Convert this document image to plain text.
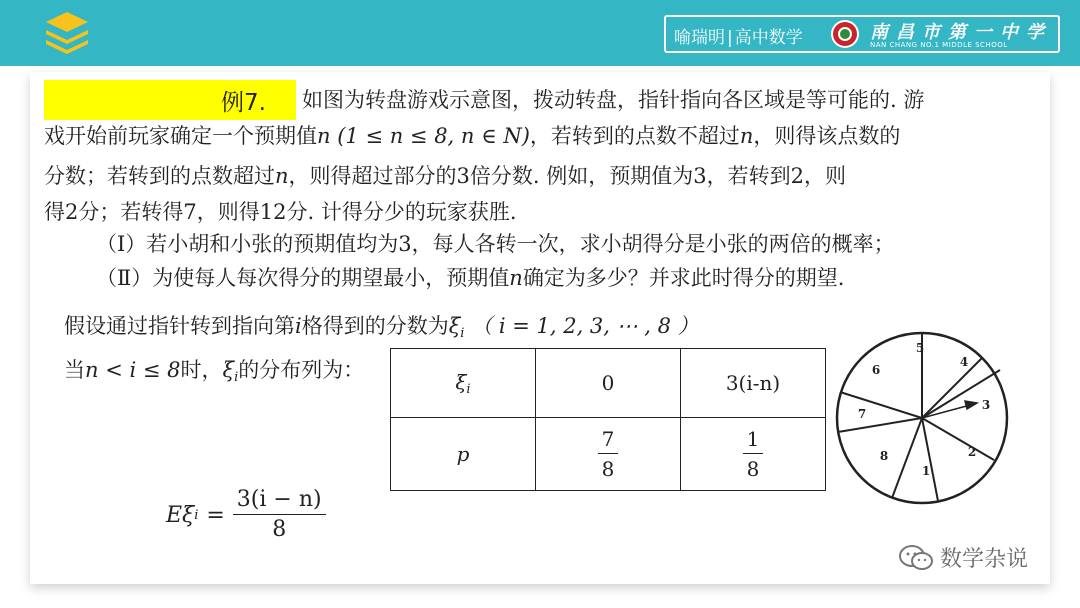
喻瑞明 | 高中数学	南昌市第一中学
NAN CHANG NO.1 MIDDLE SCHOOL
例7. 如图为转盘游戏示意图，拨动转盘，指针指向各区域是等可能的. 游
戏开始前玩家确定一个预期值n (1 ≤ n ≤ 8, n ∈ N)，若转到的点数不超过n，则得该点数的
分数；若转到的点数超过n，则得超过部分的3倍分数. 例如，预期值为3，若转到2，则
得2分；若转得7，则得12分. 计得分少的玩家获胜.
（Ⅰ）若小胡和小张的预期值均为3，每人各转一次，求小胡得分是小张的两倍的概率；
（Ⅱ）为使每人每次得分的期望最小，预期值n确定为多少？并求此时得分的期望.
假设通过指针转到指向第i格得到的分数为$\xi_i$ （ i = 1, 2, 3, ⋯ , 8 ）
当n < i ≤ 8时，$\xi_i$的分布列为：	$\xi_i$	0	3(i-n)
p	$\frac{7}{8}$	$\frac{1}{8}$
Eξ $i = \frac{3(i - n)}{8}$
5
4
3
2
1
8
7
6
数学杂说
